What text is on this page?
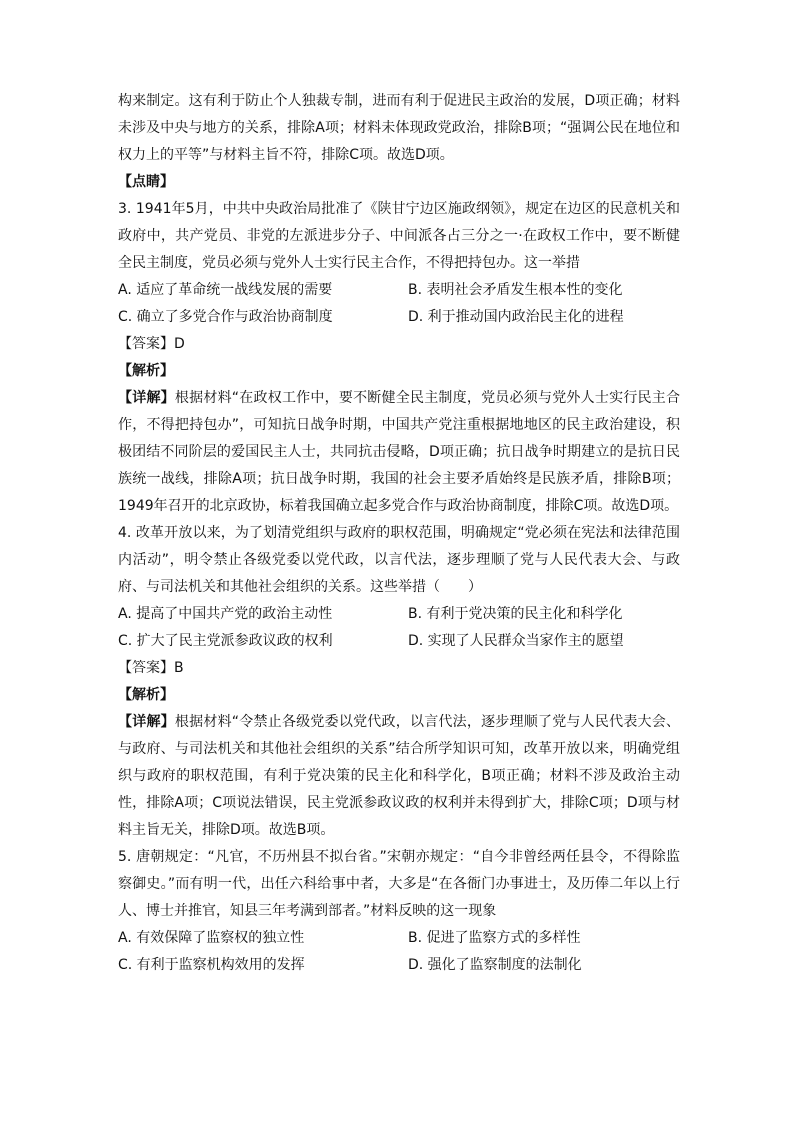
构来制定。这有利于防止个人独裁专制，进而有利于促进民主政治的发展，D项正确；材料未涉及中央与地方的关系，排除A项；材料未体现政党政治，排除B项；“强调公民在地位和权力上的平等”与材料主旨不符，排除C项。故选D项。

【点睛】

3. 1941年5月，中共中央政治局批准了《陕甘宁边区施政纲领》，规定在边区的民意机关和政府中，共产党员、非党的左派进步分子、中间派各占三分之一·在政权工作中，要不断健全民主制度，党员必须与党外人士实行民主合作，不得把持包办。这一举措

A. 适应了革命统一战线发展的需要	B. 表明社会矛盾发生根本性的变化
C. 确立了多党合作与政治协商制度	D. 利于推动国内政治民主化的进程

【答案】D

【解析】

【详解】根据材料“在政权工作中，要不断健全民主制度，党员必须与党外人士实行民主合作，不得把持包办”，可知抗日战争时期，中国共产党注重根据地地区的民主政治建设，积极团结不同阶层的爱国民主人士，共同抗击侵略，D项正确；抗日战争时期建立的是抗日民族统一战线，排除A项；抗日战争时期，我国的社会主要矛盾始终是民族矛盾，排除B项；1949年召开的北京政协，标着我国确立起多党合作与政治协商制度，排除C项。故选D项。

4. 改革开放以来，为了划清党组织与政府的职权范围，明确规定“党必须在宪法和法律范围内活动”，明令禁止各级党委以党代政，以言代法，逐步理顺了党与人民代表大会、与政府、与司法机关和其他社会组织的关系。这些举措（　　）

A. 提高了中国共产党的政治主动性	B. 有利于党决策的民主化和科学化
C. 扩大了民主党派参政议政的权利	D. 实现了人民群众当家作主的愿望

【答案】B

【解析】

【详解】根据材料“令禁止各级党委以党代政，以言代法，逐步理顺了党与人民代表大会、与政府、与司法机关和其他社会组织的关系”结合所学知识可知，改革开放以来，明确党组织与政府的职权范围，有利于党决策的民主化和科学化，B项正确；材料不涉及政治主动性，排除A项；C项说法错误，民主党派参政议政的权利并未得到扩大，排除C项；D项与材料主旨无关，排除D项。故选B项。

5. 唐朝规定：“凡官，不历州县不拟台省。”宋朝亦规定：“自今非曾经两任县令，不得除监察御史。”而有明一代，出任六科给事中者，大多是“在各衙门办事进士，及历俸二年以上行人、博士并推官，知县三年考满到部者。”材料反映的这一现象

A. 有效保障了监察权的独立性	B. 促进了监察方式的多样性
C. 有利于监察机构效用的发挥	D. 强化了监察制度的法制化
